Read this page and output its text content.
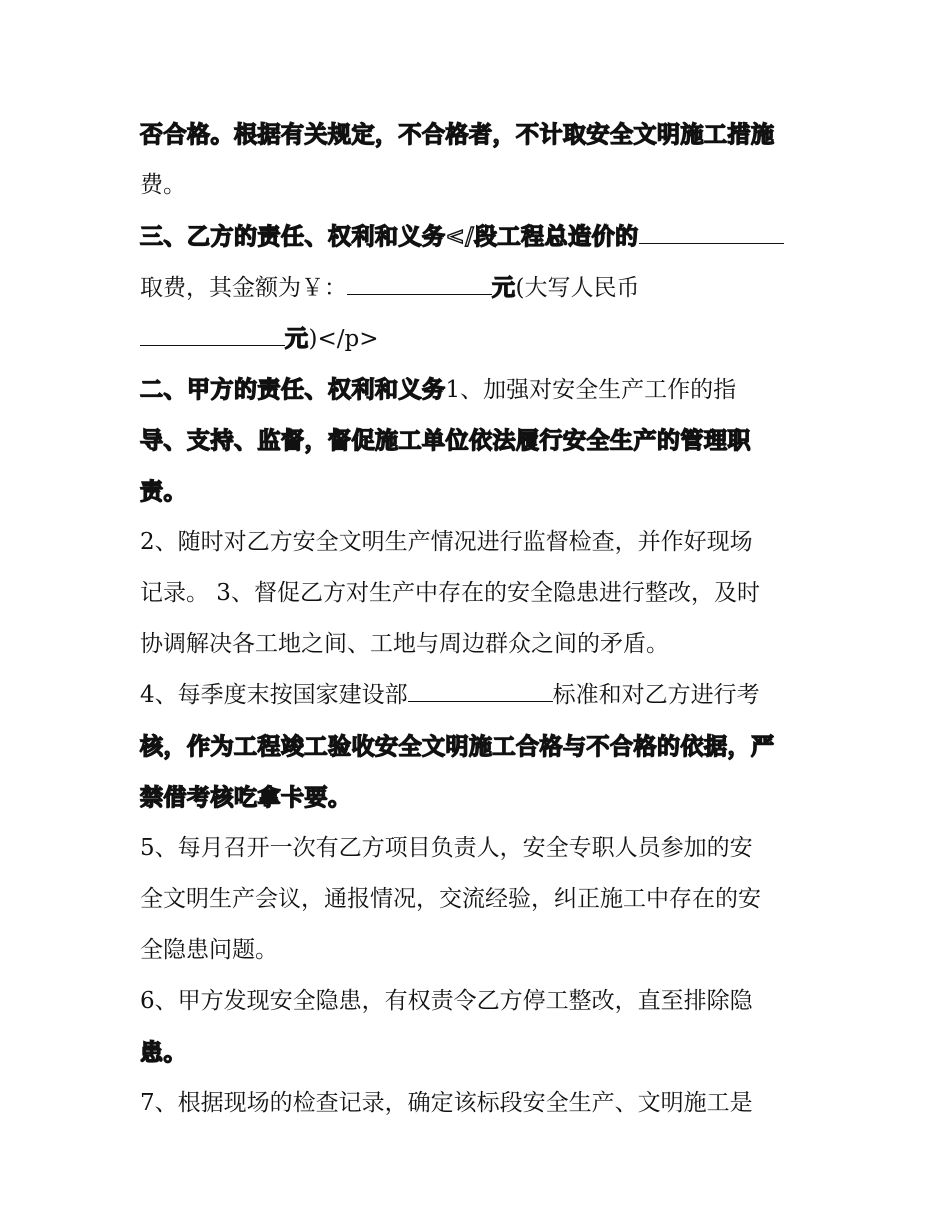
否合格。根据有关规定，不合格者，不计取安全文明施工措施
费。
三、乙方的责任、权利和义务</段工程总造价的
取费，其金额为￥：	元(大写人民币
元)</p>
二、甲方的责任、权利和义务1、加强对安全生产工作的指
导、支持、监督，督促施工单位依法履行安全生产的管理职
责。
2、随时对乙方安全文明生产情况进行监督检查，并作好现场
记录。 3、督促乙方对生产中存在的安全隐患进行整改，及时
协调解决各工地之间、工地与周边群众之间的矛盾。
4、每季度末按国家建设部	标准和对乙方进行考
核，作为工程竣工验收安全文明施工合格与不合格的依据，严
禁借考核吃拿卡要。
5、每月召开一次有乙方项目负责人，安全专职人员参加的安
全文明生产会议，通报情况，交流经验，纠正施工中存在的安
全隐患问题。
6、甲方发现安全隐患，有权责令乙方停工整改，直至排除隐
患。
7、根据现场的检查记录，确定该标段安全生产、文明施工是
